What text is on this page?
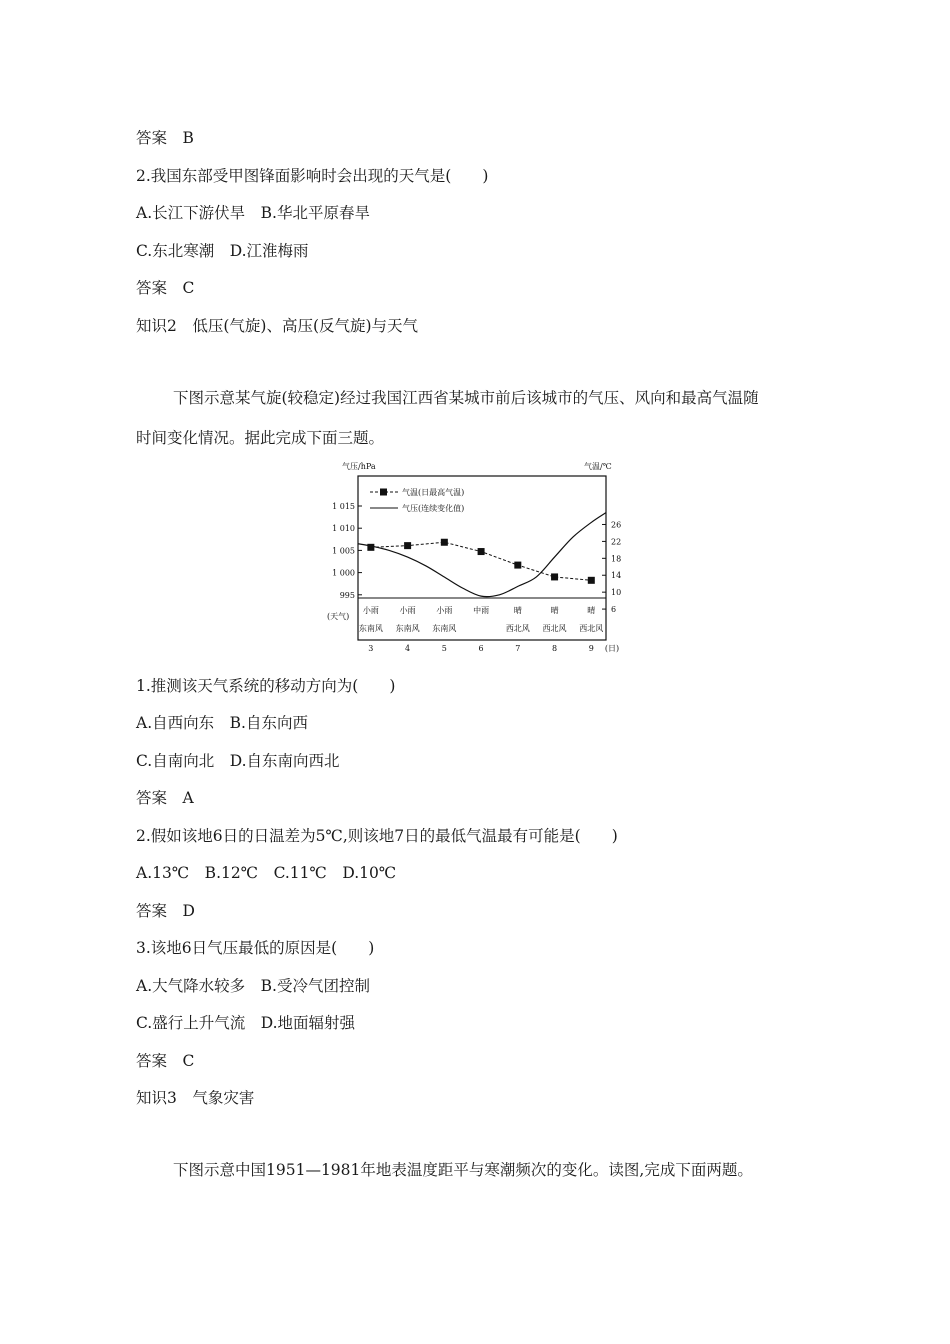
答案　B

2.我国东部受甲图锋面影响时会出现的天气是(　　)

A.长江下游伏旱　B.华北平原春旱

C.东北寒潮　D.江淮梅雨

答案　C

知识2　低压(气旋)、高压(反气旋)与天气

下图示意某气旋(较稳定)经过我国江西省某城市前后该城市的气压、风向和最高气温随

时间变化情况。据此完成下面三题。

气压/hPa	气温/℃
1 015
1 010
1 005
1 000
995
26
22
18
14
10
6
3	4	5	6	7	8	9 (日)
(天气)
小雨
东南风
小雨
东南风
小雨
东南风
中雨	晴
西北风
晴
西北风
晴
西北风
气温(日最高气温)
气压(连续变化值)

1.推测该天气系统的移动方向为(　　)

A.自西向东　B.自东向西

C.自南向北　D.自东南向西北

答案　A

2.假如该地6日的日温差为5℃,则该地7日的最低气温最有可能是(　　)

A.13℃　B.12℃　C.11℃　D.10℃

答案　D

3.该地6日气压最低的原因是(　　)

A.大气降水较多　B.受冷气团控制

C.盛行上升气流　D.地面辐射强

答案　C

知识3　气象灾害

下图示意中国1951—1981年地表温度距平与寒潮频次的变化。读图,完成下面两题。
